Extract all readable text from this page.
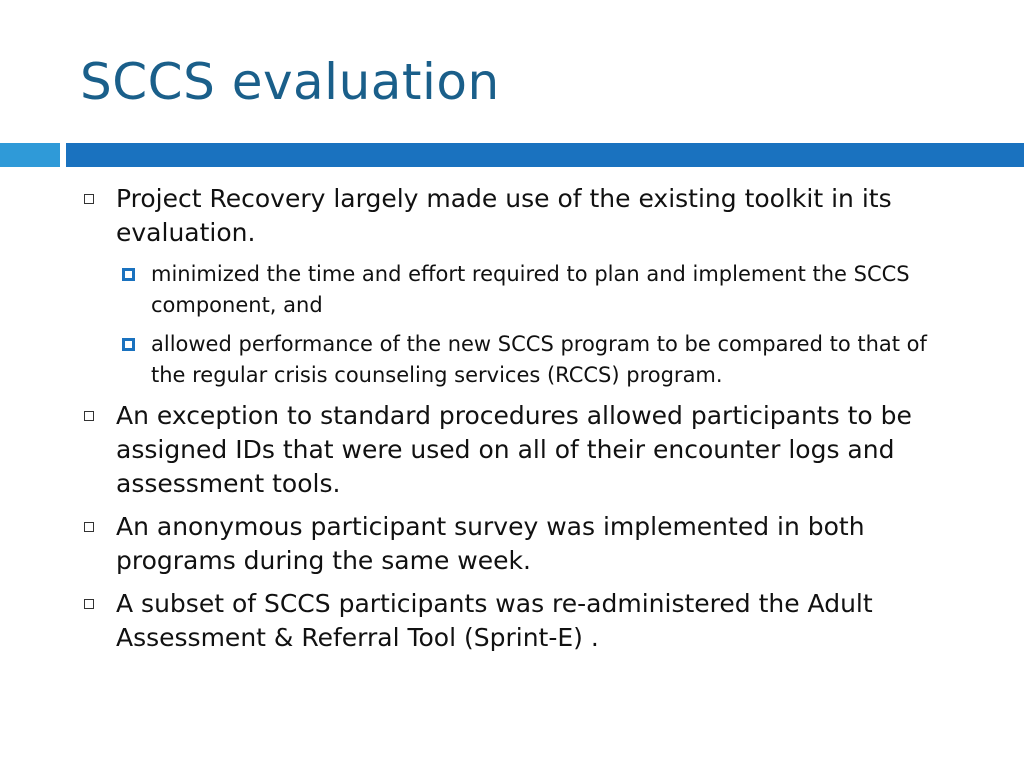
SCCS evaluation
Project Recovery largely made use of the existing toolkit in its evaluation.
minimized the time and effort required to plan and implement the SCCS component, and
allowed performance of the new SCCS program to be compared to that of the regular crisis counseling services (RCCS) program.
An exception to standard procedures allowed participants to be assigned IDs that were used on all of their encounter logs and assessment tools.
An anonymous participant survey was implemented in both programs during the same week.
A subset of SCCS participants was re-administered the Adult Assessment & Referral Tool (Sprint-E) .
